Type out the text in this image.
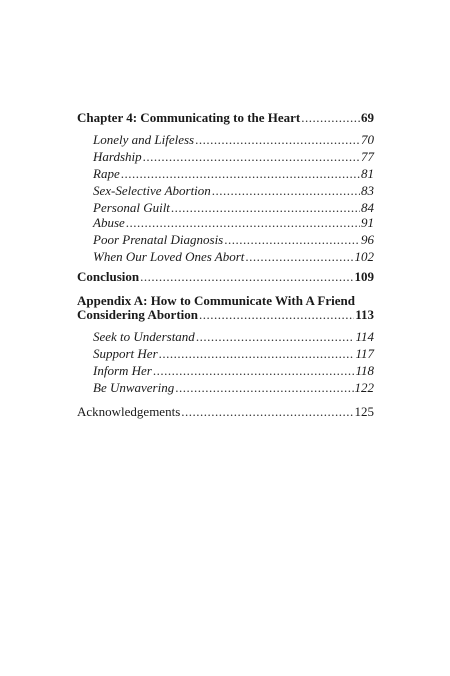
Chapter 4: Communicating to the Heart .....	69
Lonely and Lifeless .....	70
Hardship .....	77
Rape .....	81
Sex-Selective Abortion .....	83
Personal Guilt .....	84
Abuse .....	91
Poor Prenatal Diagnosis .....	96
When Our Loved Ones Abort .....	102
Conclusion .....	109
Appendix A: How to Communicate With A Friend
Considering Abortion .....	113
Seek to Understand .....	114
Support Her .....	117
Inform Her .....	118
Be Unwavering .....	122
Acknowledgements .....	125
